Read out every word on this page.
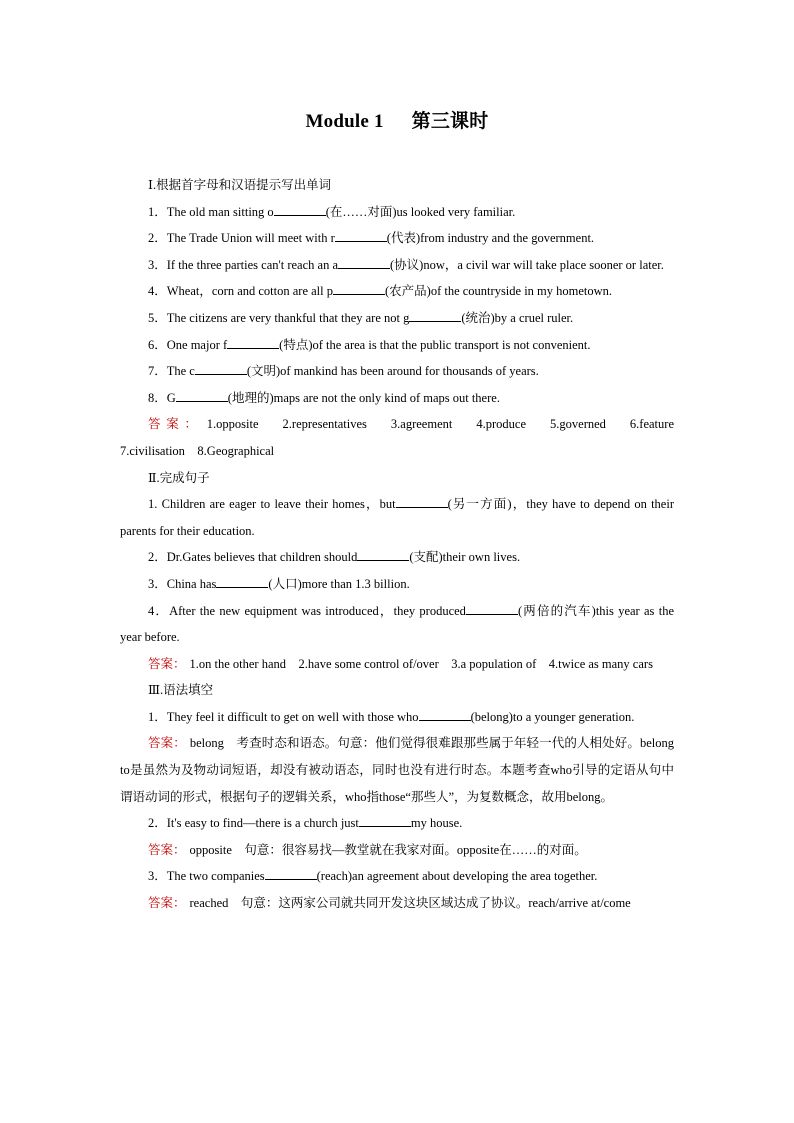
Module 1 第三课时

Ⅰ.根据首字母和汉语提示写出单词

1．The old man sitting o	(在……对面)us looked very familiar.

2．The Trade Union will meet with r	(代表)from industry and the government.

3．If the three parties can't reach an a	(协议)now，a civil war will take place sooner or later.

4．Wheat，corn and cotton are all p	(农产品)of the countryside in my hometown.

5．The citizens are very thankful that they are not g	(统治)by a cruel ruler.

6．One major f	(特点)of the area is that the public transport is not convenient.

7．The c	(文明)of mankind has been around for thousands of years.

8．G	(地理的)maps are not the only kind of maps out there.

答案： 1.opposite　2.representatives　3.agreement　4.produce　5.governed　6.feature　7.civilisation　8.Geographical

Ⅱ.完成句子

1. Children are eager to leave their homes，but	(另一方面)，they have to depend on their parents for their education.

2．Dr.Gates believes that children should	(支配)their own lives.

3．China has	(人口)more than 1.3 billion.

4．After the new equipment was introduced，they produced	(两倍的汽车)this year as the year before.

答案： 1.on the other hand　2.have some control of/over　3.a population of　4.twice as many cars

Ⅲ.语法填空

1．They feel it difficult to get on well with those who	(belong)to a younger generation.

答案： belong　考查时态和语态。句意：他们觉得很难跟那些属于年轻一代的人相处好。belong to是虽然为及物动词短语，却没有被动语态，同时也没有进行时态。本题考查who引导的定语从句中谓语动词的形式，根据句子的逻辑关系，who指those“那些人”，为复数概念，故用belong。

2．It's easy to find—there is a church just	my house.

答案： opposite　句意：很容易找—教堂就在我家对面。opposite在……的对面。

3．The two companies	(reach)an agreement about developing the area together.

答案： reached　句意：这两家公司就共同开发这块区域达成了协议。reach/arrive at/come
